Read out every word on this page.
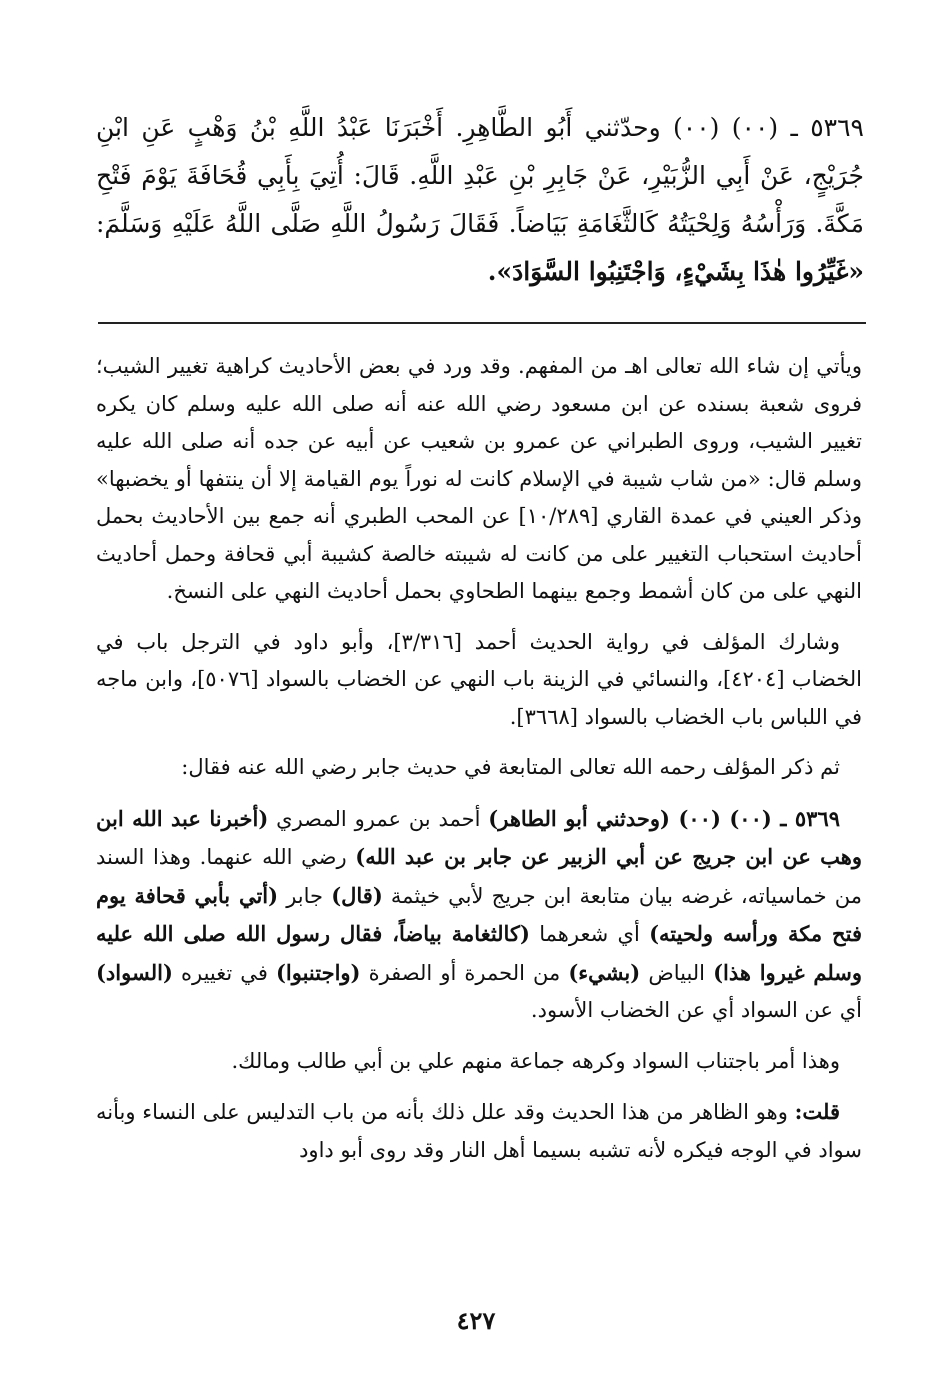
٥٣٦٩ ـ (٠٠) (٠٠) وحدّثني أَبُو الطَّاهِرِ. أَخْبَرَنَا عَبْدُ اللَّهِ بْنُ وَهْبٍ عَنِ ابْنِ جُرَيْجٍ، عَنْ أَبِي الزُّبَيْرِ، عَنْ جَابِرِ بْنِ عَبْدِ اللَّهِ. قَالَ: أُتِيَ بِأَبِي قُحَافَةَ يَوْمَ فَتْحِ مَكَّةَ. وَرَأْسُهُ وَلِحْيَتُهُ كَالثَّغَامَةِ بَيَاضاً. فَقَالَ رَسُولُ اللَّهِ صَلَّى اللَّهُ عَلَيْهِ وَسَلَّمَ: «غَيِّرُوا هٰذَا بِشَيْءٍ، وَاجْتَنِبُوا السَّوَادَ».

ويأتي إن شاء الله تعالى اهـ من المفهم. وقد ورد في بعض الأحاديث كراهية تغيير الشيب؛ فروى شعبة بسنده عن ابن مسعود رضي الله عنه أنه صلى الله عليه وسلم كان يكره تغيير الشيب، وروى الطبراني عن عمرو بن شعيب عن أبيه عن جده أنه صلى الله عليه وسلم قال: «من شاب شيبة في الإسلام كانت له نوراً يوم القيامة إلا أن ينتفها أو يخضبها» وذكر العيني في عمدة القاري [١٠/٢٨٩] عن المحب الطبري أنه جمع بين الأحاديث بحمل أحاديث استحباب التغيير على من كانت له شيبته خالصة كشيبة أبي قحافة وحمل أحاديث النهي على من كان أشمط وجمع بينهما الطحاوي بحمل أحاديث النهي على النسخ.

وشارك المؤلف في رواية الحديث أحمد [٣/٣١٦]، وأبو داود في الترجل باب في الخضاب [٤٢٠٤]، والنسائي في الزينة باب النهي عن الخضاب بالسواد [٥٠٧٦]، وابن ماجه في اللباس باب الخضاب بالسواد [٣٦٦٨].

ثم ذكر المؤلف رحمه الله تعالى المتابعة في حديث جابر رضي الله عنه فقال:

٥٣٦٩ ـ (٠٠) (٠٠) (وحدثني أبو الطاهر) أحمد بن عمرو المصري (أخبرنا عبد الله ابن وهب عن ابن جريج عن أبي الزبير عن جابر بن عبد الله) رضي الله عنهما. وهذا السند من خماسياته، غرضه بيان متابعة ابن جريج لأبي خيثمة (قال) جابر (أتي بأبي قحافة يوم فتح مكة ورأسه ولحيته) أي شعرهما (كالثغامة بياضاً، فقال رسول الله صلى الله عليه وسلم غيروا هذا) البياض (بشيء) من الحمرة أو الصفرة (واجتنبوا) في تغييره (السواد) أي عن السواد أي عن الخضاب الأسود.

وهذا أمر باجتناب السواد وكرهه جماعة منهم علي بن أبي طالب ومالك.

قلت: وهو الظاهر من هذا الحديث وقد علل ذلك بأنه من باب التدليس على النساء وبأنه سواد في الوجه فيكره لأنه تشبه بسيما أهل النار وقد روى أبو داود

٤٢٧
